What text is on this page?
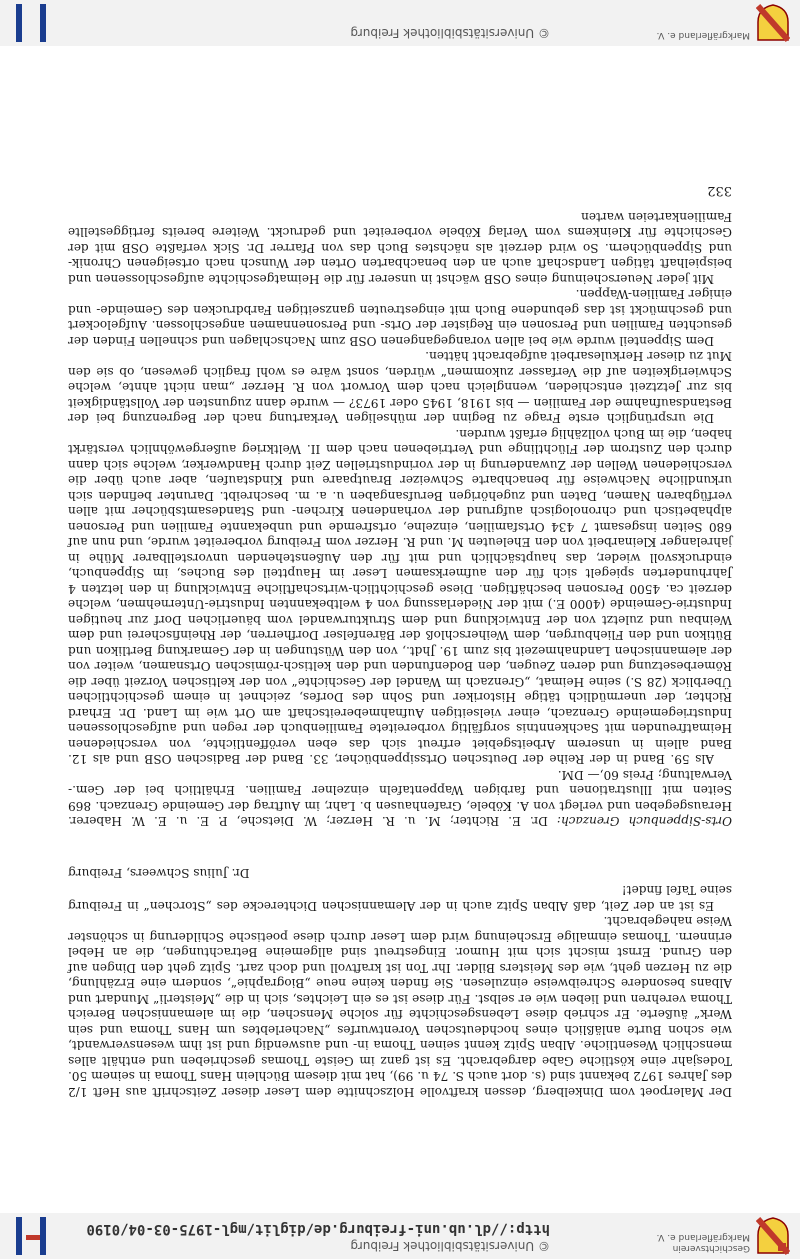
Geschichtsverein
Markgräflerland e. V.
© Universitätsbibliothek Freiburg
http://dl.ub.uni-freiburg.de/diglit/mgl-1975-03-04/0190

Der Malerpoet vom Dinkelberg, dessen kraftvolle Holzschnitte dem Leser dieser Zeitschrift aus Heft 1/2 des Jahres 1972 bekannt sind (s. dort auch S. 74 u. 99), hat mit diesem Büchlein Hans Thoma in seinem 50. Todesjahr eine köstliche Gabe dargebracht. Es ist ganz im Geiste Thomas geschrieben und enthält alles menschlich Wesentliche. Alban Spitz kennt seinen Thoma in- und auswendig und ist ihm wesensverwandt, wie schon Burte anläßlich eines hochdeutschen Vorentwurfes „Nacherlebtes um Hans Thoma und sein Werk“ äußerte. Er schrieb diese Lebensgeschichte für solche Menschen, die im alemannischen Bereich Thoma verehren und lieben wie er selbst. Für diese ist es ein Leichtes, sich in die „Meisterli“ Mundart und Albans besondere Schreibweise einzulesen. Sie finden keine neue „Biographie“, sondern eine Erzählung, die zu Herzen geht, wie des Meisters Bilder. Ihr Ton ist kraftvoll und doch zart. Spitz geht den Dingen auf den Grund. Ernst mischt sich mit Humor. Eingestreut sind allgemeine Betrachtungen, die an Hebel erinnern. Thomas einmalige Erscheinung wird dem Leser durch diese poetische Schilderung in schönster Weise nahegebracht.

Es ist an der Zeit, daß Alban Spitz auch in der Alemannischen Dichterecke des „Storchen“ in Freiburg seine Tafel findet!

Dr. Julius Schweers, Freiburg

Orts-Sippenbuch Grenzach: Dr. E. Richter; M. u. R. Herzer; W. Dietsche, P. E. u. E. W. Haberer. Herausgegeben und verlegt von A. Köbele, Grafenhausen b. Lahr, im Auftrag der Gemeinde Grenzach. 869 Seiten mit Illustrationen und farbigen Wappentafeln einzelner Familien. Erhältlich bei der Gem.-Verwaltung; Preis 60,— DM.

Als 59. Band in der Reihe der Deutschen Ortssippenbücher, 33. Band der Badischen OSB und als 12. Band allein in unserem Arbeitsgebiet erfreut sich das eben veröffentlichte, von verschiedenen Heimatfreunden mit Sachkenntnis sorgfältig vorbereitete Familienbuch der regen und aufgeschlossenen Industriegemeinde Grenzach, einer vielseitigen Aufnahmebereitschaft am Ort wie im Land. Dr. Erhard Richter, der unermüdlich tätige Historiker und Sohn des Dorfes, zeichnet in einem geschichtlichen Überblick (28 S.) seine Heimat, „Grenzach im Wandel der Geschichte“ von der keltischen Vorzeit über die Römerbesetzung und deren Zeugen, den Bodenfunden und den keltisch-römischen Ortsnamen, weiter von der alemannischen Landnahmezeit bis zum 19. Jhdt., von den Wüstungen in der Gemarkung Bertlikon und Bütikon und den Fliehburgen, dem Weiherschloß der Bärenfelser Dorfherren, der Rheinfischerei und dem Weinbau und zuletzt von der Entwicklung und dem Strukturwandel vom bäuerlichen Dorf zur heutigen Industrie-Gemeinde (4000 E.) mit der Niederlassung von 4 weltbekannten Industrie-Unternehmen, welche derzeit ca. 4500 Personen beschäftigen. Diese geschichtlich-wirtschaftliche Entwicklung in den letzten 4 Jahrhunderten spiegelt sich für den aufmerksamen Leser im Hauptteil des Buches, im Sippenbuch, eindrucksvoll wieder, das hauptsächlich und mit für den Außenstehenden unvorstellbarer Mühe in jahrelanger Kleinarbeit von den Eheleuten M. und R. Herzer vom Freiburg vorbereitet wurde, und nun auf 680 Seiten insgesamt 7 434 Ortsfamilien, einzelne, ortsfremde und unbekannte Familien und Personen alphabetisch und chronologisch aufgrund der vorhandenen Kirchen- und Standesamtsbücher mit allen verfügbaren Namen, Daten und zugehörigen Berufsangaben u. a. m. beschreibt. Darunter befinden sich urkundliche Nachweise für benachbarte Schweizer Brautpaare und Kindstaufen, aber auch über die verschiedenen Wellen der Zuwanderung in der vorindustriellen Zeit durch Handwerker, welche sich dann durch den Zustrom der Flüchtlinge und Vertriebenen nach dem II. Weltkrieg außergewöhnlich verstärkt haben, die im Buch vollzählig erfaßt wurden.

Die ursprünglich erste Frage zu Beginn der mühseligen Verkartung nach der Begrenzung bei der Bestandsaufnahme der Familien — bis 1918, 1945 oder 1973? — wurde dann zugunsten der Vollständigkeit bis zur Jetztzeit entschieden, wenngleich nach dem Vorwort von R. Herzer „man nicht ahnte, welche Schwierigkeiten auf die Verfasser zukommen“ würden, sonst wäre es wohl fraglich gewesen, ob sie den Mut zu dieser Herkulesarbeit aufgebracht hätten.

Dem Sippenteil wurde wie bei allen vorangegangenen OSB zum Nachschlagen und schnellen Finden der gesuchten Familien und Personen ein Register der Orts- und Personennamen angeschlossen. Aufgelockert und geschmückt ist das gebundene Buch mit eingestreuten ganzseitigen Farbdrucken des Gemeinde- und einiger Familien-Wappen.

Mit jeder Neuerscheinung eines OSB wächst in unserer für die Heimatgeschichte aufgeschlossenen und beispielhaft tätigen Landschaft auch an den benachbarten Orten der Wunsch nach ortseigenen Chronik- und Sippenbüchern. So wird derzeit als nächstes Buch das von Pfarrer Dr. Sick verfaßte OSB mit der Geschichte für Kleinkems vom Verlag Köbele vorbereitet und gedruckt. Weitere bereits fertiggestellte Familienkarteien warten

332
Markgräflerland e. V.
© Universitätsbibliothek Freiburg
